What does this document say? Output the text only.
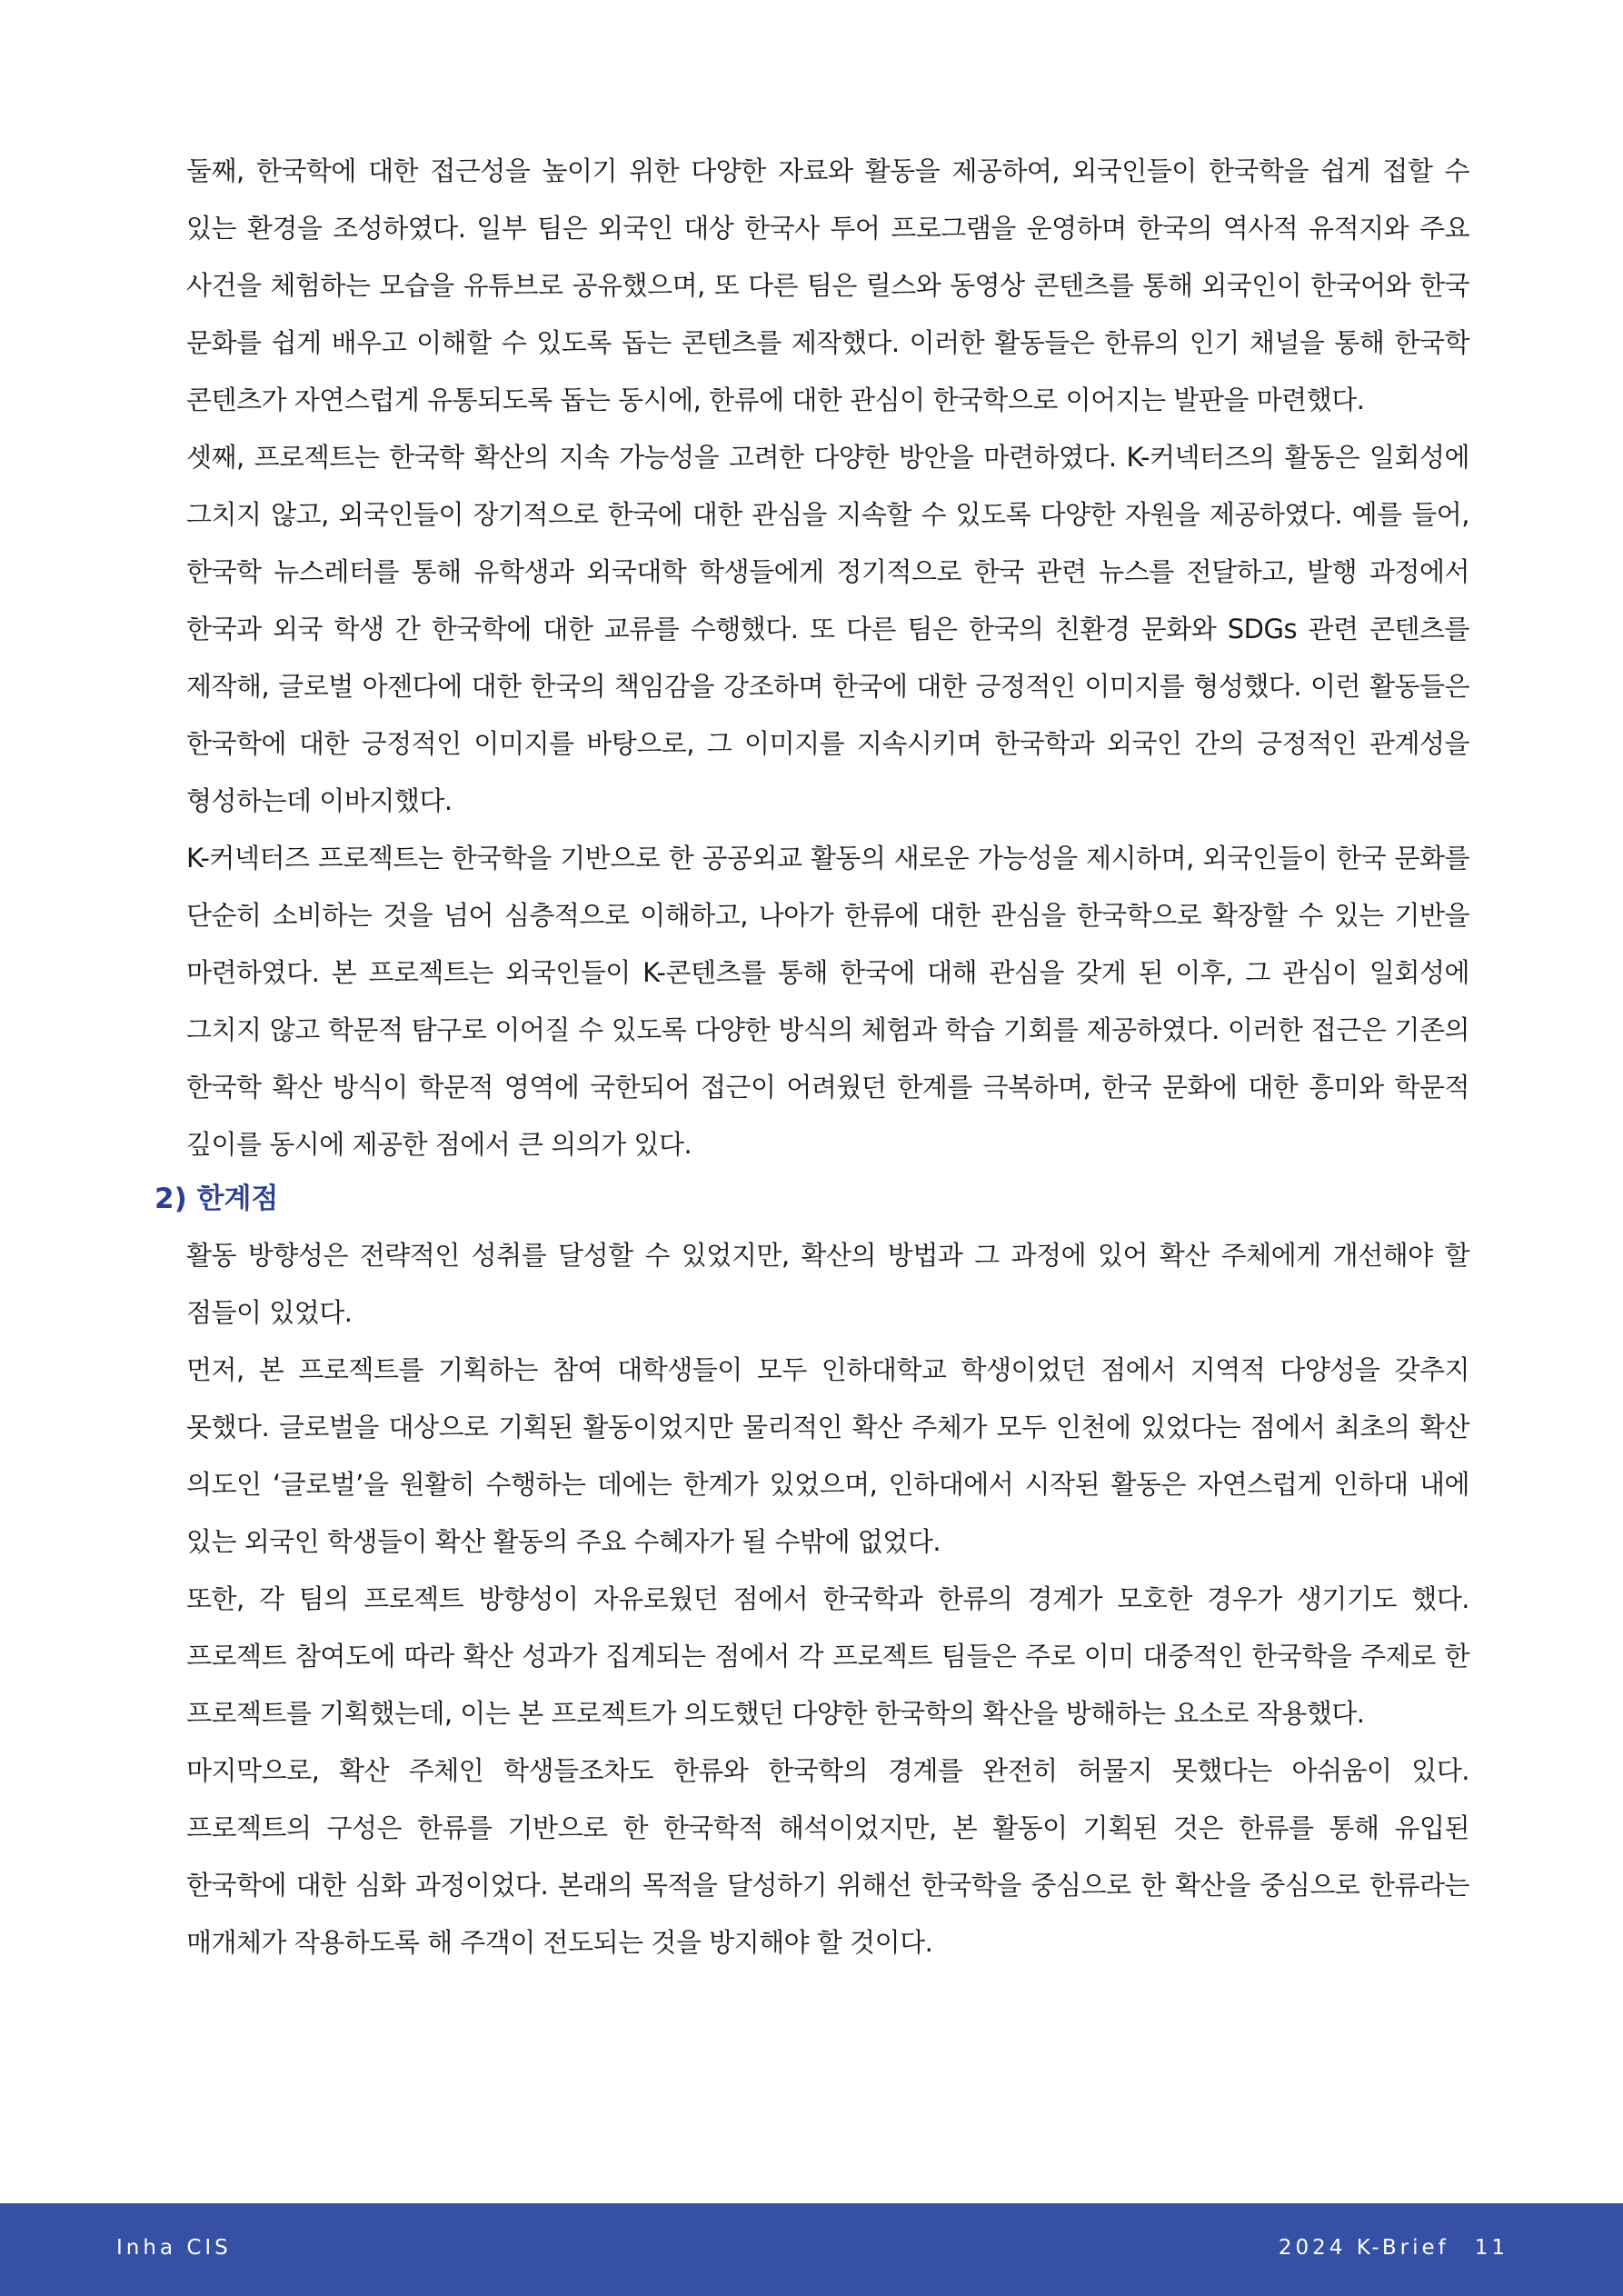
둘째, 한국학에 대한 접근성을 높이기 위한 다양한 자료와 활동을 제공하여, 외국인들이 한국학을 쉽게 접할 수 있는 환경을 조성하였다. 일부 팀은 외국인 대상 한국사 투어 프로그램을 운영하며 한국의 역사적 유적지와 주요 사건을 체험하는 모습을 유튜브로 공유했으며, 또 다른 팀은 릴스와 동영상 콘텐츠를 통해 외국인이 한국어와 한국 문화를 쉽게 배우고 이해할 수 있도록 돕는 콘텐츠를 제작했다. 이러한 활동들은 한류의 인기 채널을 통해 한국학 콘텐츠가 자연스럽게 유통되도록 돕는 동시에, 한류에 대한 관심이 한국학으로 이어지는 발판을 마련했다.

셋째, 프로젝트는 한국학 확산의 지속 가능성을 고려한 다양한 방안을 마련하였다. K-커넥터즈의 활동은 일회성에 그치지 않고, 외국인들이 장기적으로 한국에 대한 관심을 지속할 수 있도록 다양한 자원을 제공하였다. 예를 들어, 한국학 뉴스레터를 통해 유학생과 외국대학 학생들에게 정기적으로 한국 관련 뉴스를 전달하고, 발행 과정에서 한국과 외국 학생 간 한국학에 대한 교류를 수행했다. 또 다른 팀은 한국의 친환경 문화와 SDGs 관련 콘텐츠를 제작해, 글로벌 아젠다에 대한 한국의 책임감을 강조하며 한국에 대한 긍정적인 이미지를 형성했다. 이런 활동들은 한국학에 대한 긍정적인 이미지를 바탕으로, 그 이미지를 지속시키며 한국학과 외국인 간의 긍정적인 관계성을 형성하는데 이바지했다.

K-커넥터즈 프로젝트는 한국학을 기반으로 한 공공외교 활동의 새로운 가능성을 제시하며, 외국인들이 한국 문화를 단순히 소비하는 것을 넘어 심층적으로 이해하고, 나아가 한류에 대한 관심을 한국학으로 확장할 수 있는 기반을 마련하였다. 본 프로젝트는 외국인들이 K-콘텐츠를 통해 한국에 대해 관심을 갖게 된 이후, 그 관심이 일회성에 그치지 않고 학문적 탐구로 이어질 수 있도록 다양한 방식의 체험과 학습 기회를 제공하였다. 이러한 접근은 기존의 한국학 확산 방식이 학문적 영역에 국한되어 접근이 어려웠던 한계를 극복하며, 한국 문화에 대한 흥미와 학문적 깊이를 동시에 제공한 점에서 큰 의의가 있다.

2) 한계점

활동 방향성은 전략적인 성취를 달성할 수 있었지만, 확산의 방법과 그 과정에 있어 확산 주체에게 개선해야 할 점들이 있었다.

먼저, 본 프로젝트를 기획하는 참여 대학생들이 모두 인하대학교 학생이었던 점에서 지역적 다양성을 갖추지 못했다. 글로벌을 대상으로 기획된 활동이었지만 물리적인 확산 주체가 모두 인천에 있었다는 점에서 최초의 확산 의도인 ‘글로벌’을 원활히 수행하는 데에는 한계가 있었으며, 인하대에서 시작된 활동은 자연스럽게 인하대 내에 있는 외국인 학생들이 확산 활동의 주요 수혜자가 될 수밖에 없었다.

또한, 각 팀의 프로젝트 방향성이 자유로웠던 점에서 한국학과 한류의 경계가 모호한 경우가 생기기도 했다. 프로젝트 참여도에 따라 확산 성과가 집계되는 점에서 각 프로젝트 팀들은 주로 이미 대중적인 한국학을 주제로 한 프로젝트를 기획했는데, 이는 본 프로젝트가 의도했던 다양한 한국학의 확산을 방해하는 요소로 작용했다.

마지막으로, 확산 주체인 학생들조차도 한류와 한국학의 경계를 완전히 허물지 못했다는 아쉬움이 있다. 프로젝트의 구성은 한류를 기반으로 한 한국학적 해석이었지만, 본 활동이 기획된 것은 한류를 통해 유입된 한국학에 대한 심화 과정이었다. 본래의 목적을 달성하기 위해선 한국학을 중심으로 한 확산을 중심으로 한류라는 매개체가 작용하도록 해 주객이 전도되는 것을 방지해야 할 것이다.

Inha CIS	2024 K-Brief 11
